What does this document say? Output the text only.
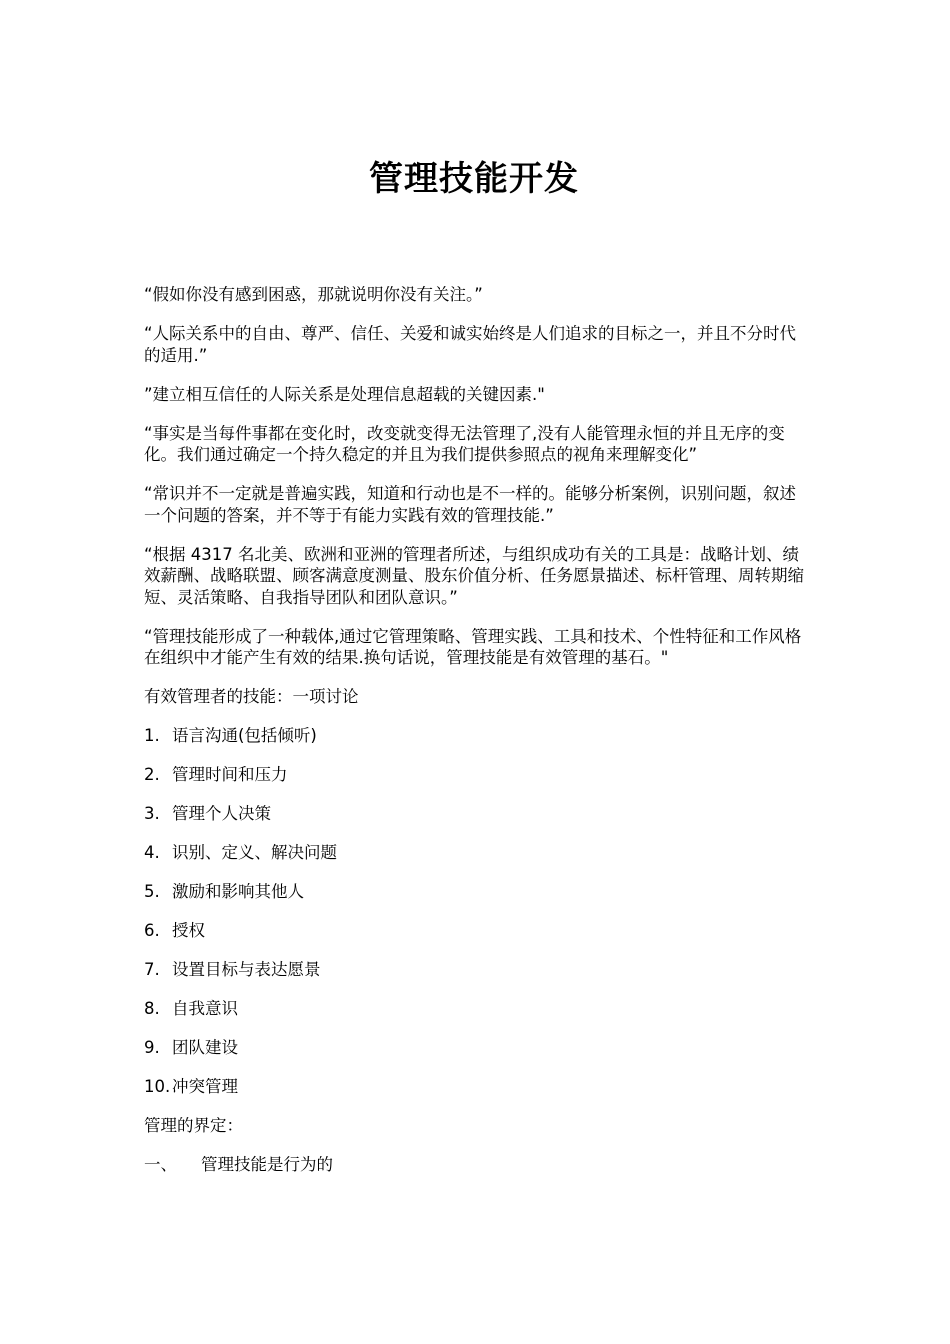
管理技能开发

“假如你没有感到困惑，那就说明你没有关注。”

“人际关系中的自由、尊严、信任、关爱和诚实始终是人们追求的目标之一，并且不分时代的适用.”

”建立相互信任的人际关系是处理信息超载的关键因素."

“事实是当每件事都在变化时，改变就变得无法管理了,没有人能管理永恒的并且无序的变化。我们通过确定一个持久稳定的并且为我们提供参照点的视角来理解变化”

“常识并不一定就是普遍实践，知道和行动也是不一样的。能够分析案例，识别问题，叙述一个问题的答案，并不等于有能力实践有效的管理技能.”

“根据 4317 名北美、欧洲和亚洲的管理者所述，与组织成功有关的工具是：战略计划、绩效薪酬、战略联盟、顾客满意度测量、股东价值分析、任务愿景描述、标杆管理、周转期缩短、灵活策略、自我指导团队和团队意识。”

“管理技能形成了一种载体,通过它管理策略、管理实践、工具和技术、个性特征和工作风格在组织中才能产生有效的结果.换句话说，管理技能是有效管理的基石。"

有效管理者的技能：一项讨论

1. 语言沟通(包括倾听)

2. 管理时间和压力

3. 管理个人决策

4. 识别、定义、解决问题

5. 激励和影响其他人

6. 授权

7. 设置目标与表达愿景

8. 自我意识

9. 团队建设

10. 冲突管理

管理的界定：

一、 管理技能是行为的
